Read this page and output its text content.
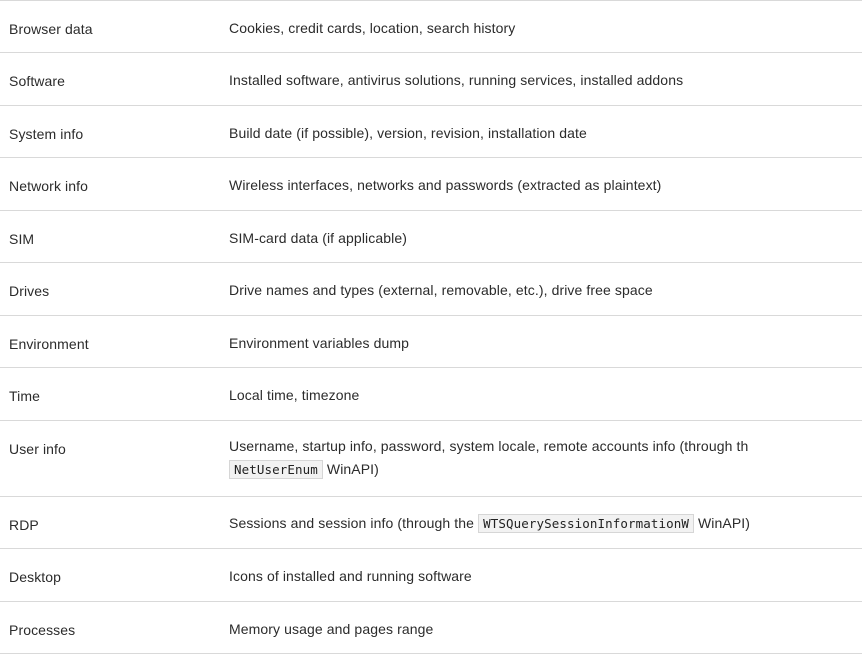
Browser data	Cookies, credit cards, location, search history
Software	Installed software, antivirus solutions, running services, installed addons
System info	Build date (if possible), version, revision, installation date
Network info	Wireless interfaces, networks and passwords (extracted as plaintext)
SIM	SIM-card data (if applicable)
Drives	Drive names and types (external, removable, etc.), drive free space
Environment	Environment variables dump
Time	Local time, timezone
User info	Username, startup info, password, system locale, remote accounts info (through th
NetUserEnum WinAPI)
RDP	Sessions and session info (through the WTSQuerySessionInformationW WinAPI)
Desktop	Icons of installed and running software
Processes	Memory usage and pages range
